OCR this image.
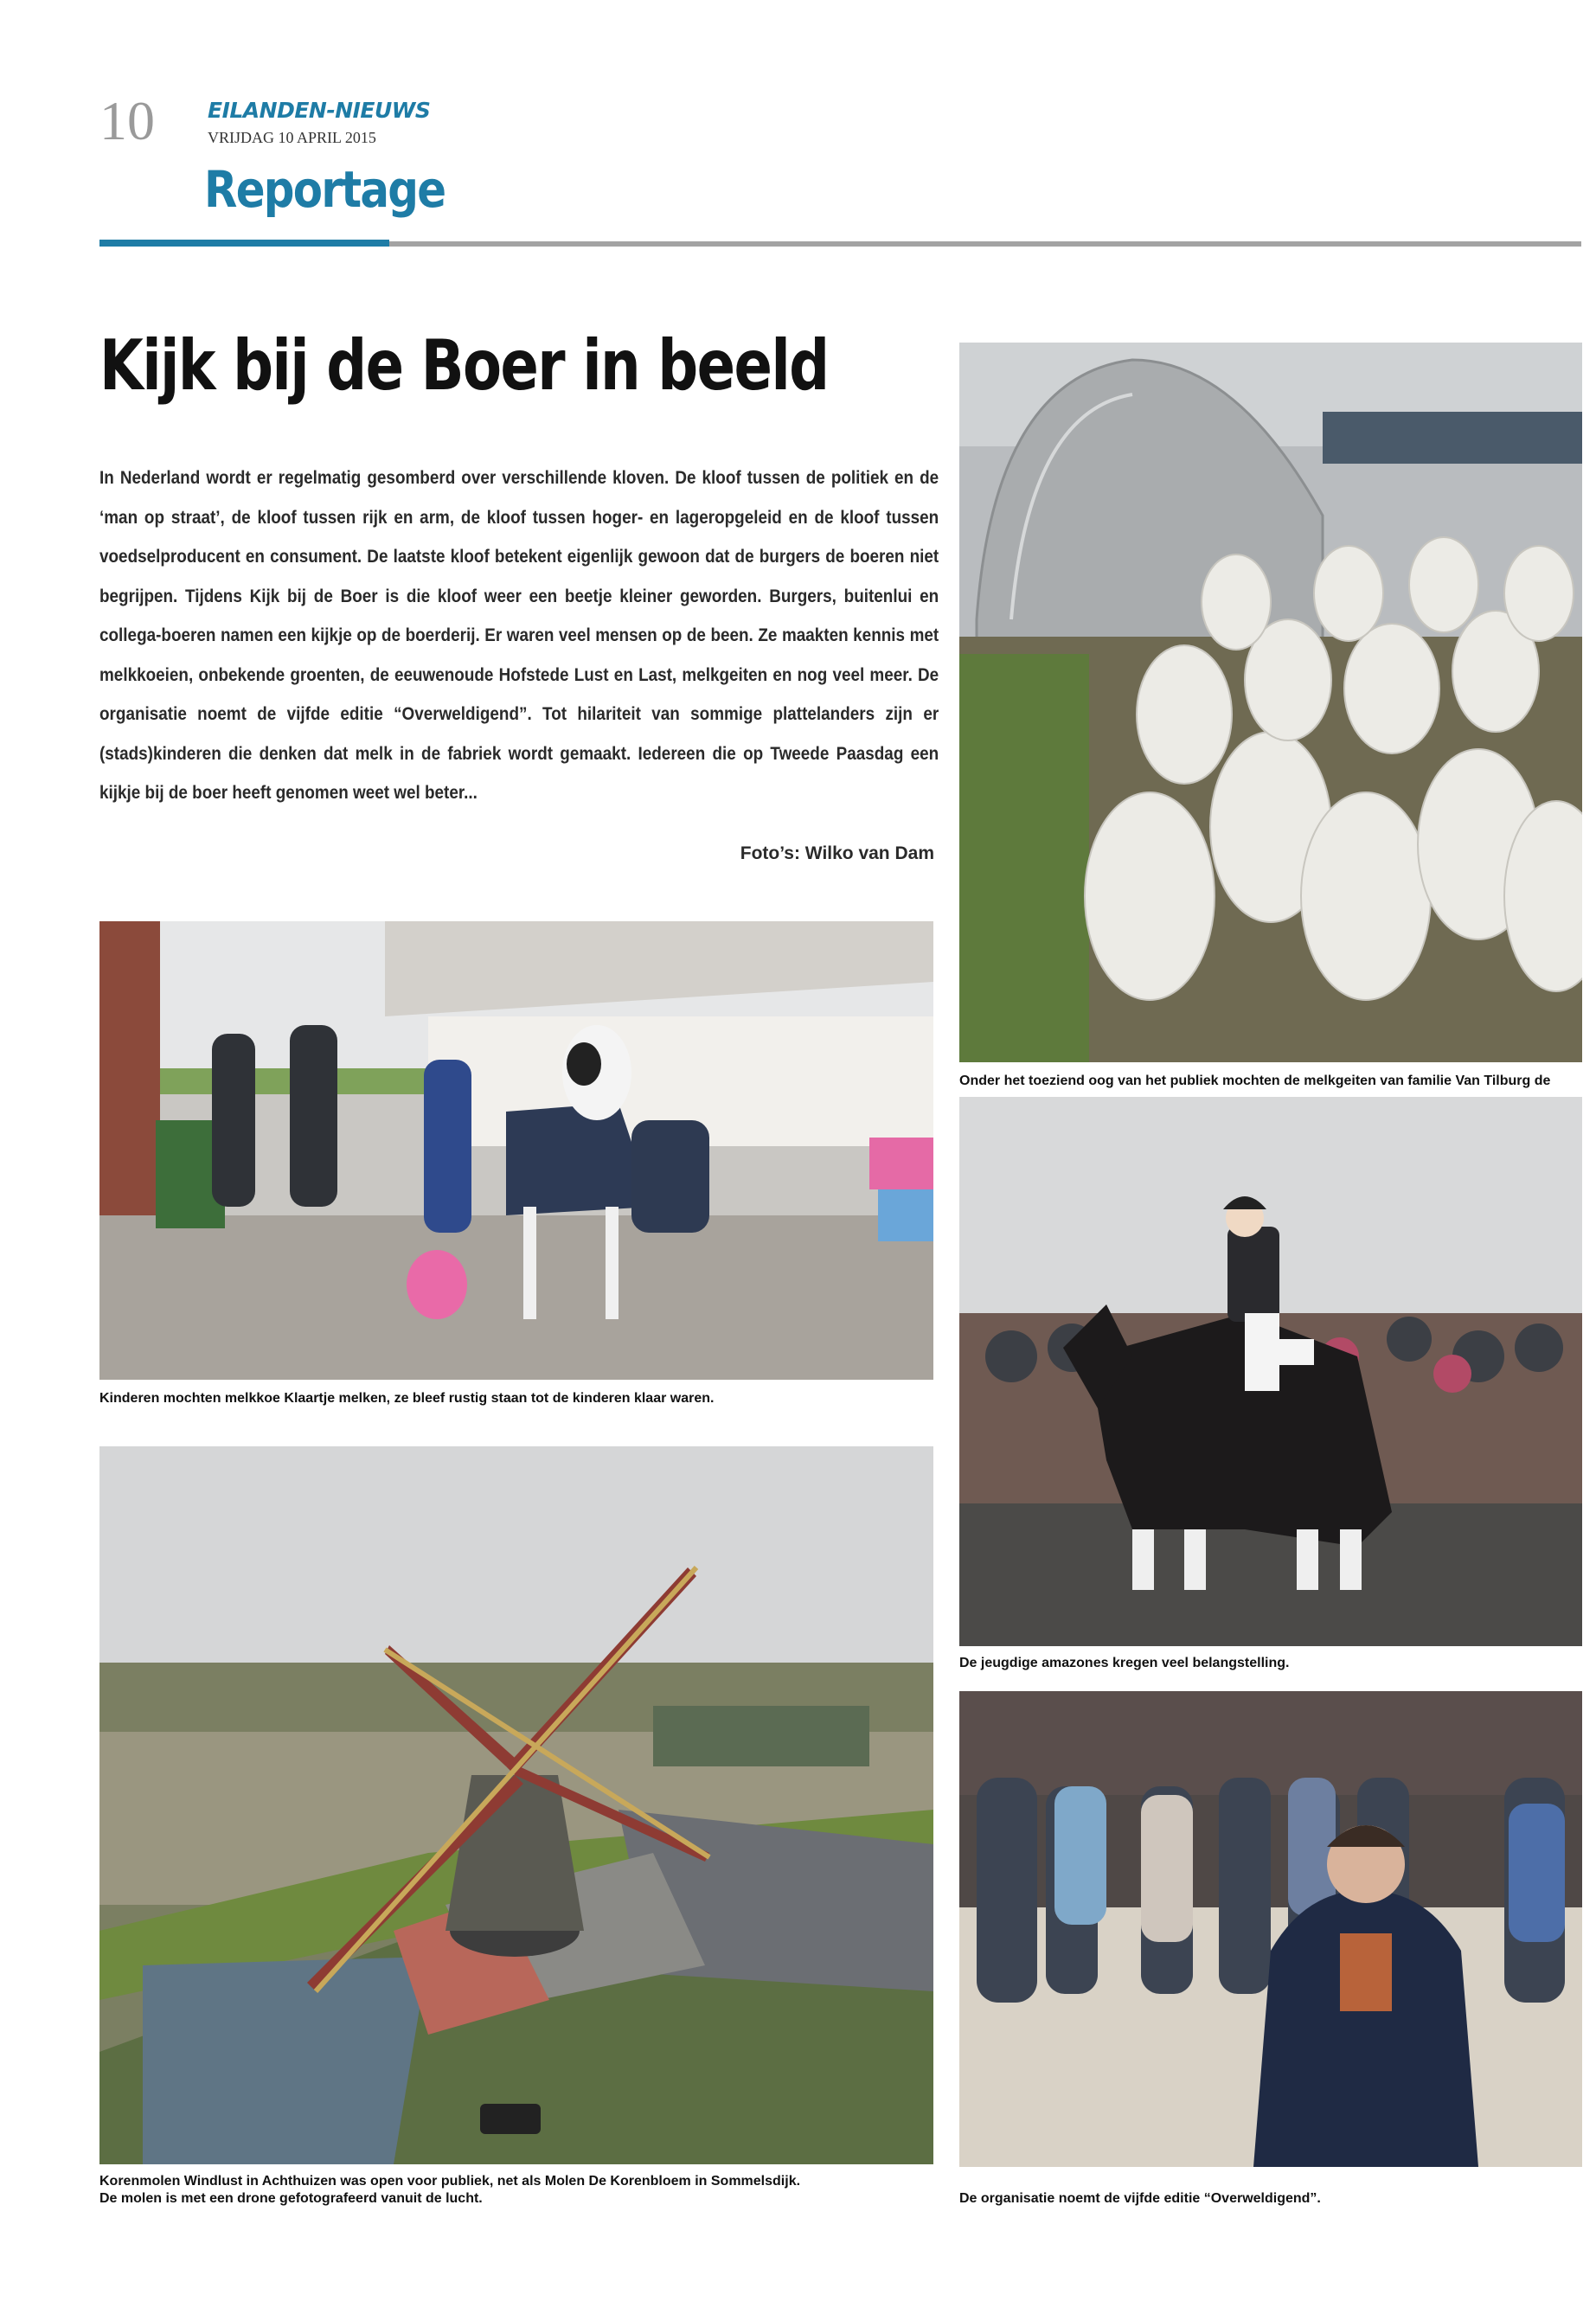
10 EILANDEN-NIEUWS
VRIJDAG 10 APRIL 2015
Reportage
Kijk bij de Boer in beeld
In Nederland wordt er regelmatig gesomberd over verschillende kloven. De kloof tussen de politiek en de ‘man op straat’, de kloof tussen rijk en arm, de kloof tussen hoger- en lageropgeleid en de kloof tussen voedselproducent en consument. De laatste kloof betekent eigenlijk gewoon dat de burgers de boeren niet begrijpen. Tijdens Kijk bij de Boer is die kloof weer een beetje kleiner geworden. Burgers, buitenlui en collega-boeren namen een kijkje op de boerderij. Er waren veel mensen op de been. Ze maakten kennis met melkkoeien, onbekende groenten, de eeuwenoude Hofstede Lust en Last, melkgeiten en nog veel meer. De organisatie noemt de vijfde editie “Overweldigend”. Tot hilariteit van sommige plattelanders zijn er (stads)kinderen die denken dat melk in de fabriek wordt gemaakt. Iedereen die op Tweede Paasdag een kijkje bij de boer heeft genomen weet wel beter...
Foto’s: Wilko van Dam
Onder het toeziend oog van het publiek mochten de melkgeiten van familie Van Tilburg de
Kinderen mochten melkkoe Klaartje melken, ze bleef rustig staan tot de kinderen klaar waren.
De jeugdige amazones kregen veel belangstelling.
Korenmolen Windlust in Achthuizen was open voor publiek, net als Molen De Korenbloem in Sommelsdijk.
De molen is met een drone gefotografeerd vanuit de lucht.	De organisatie noemt de vijfde editie “Overweldigend”.
